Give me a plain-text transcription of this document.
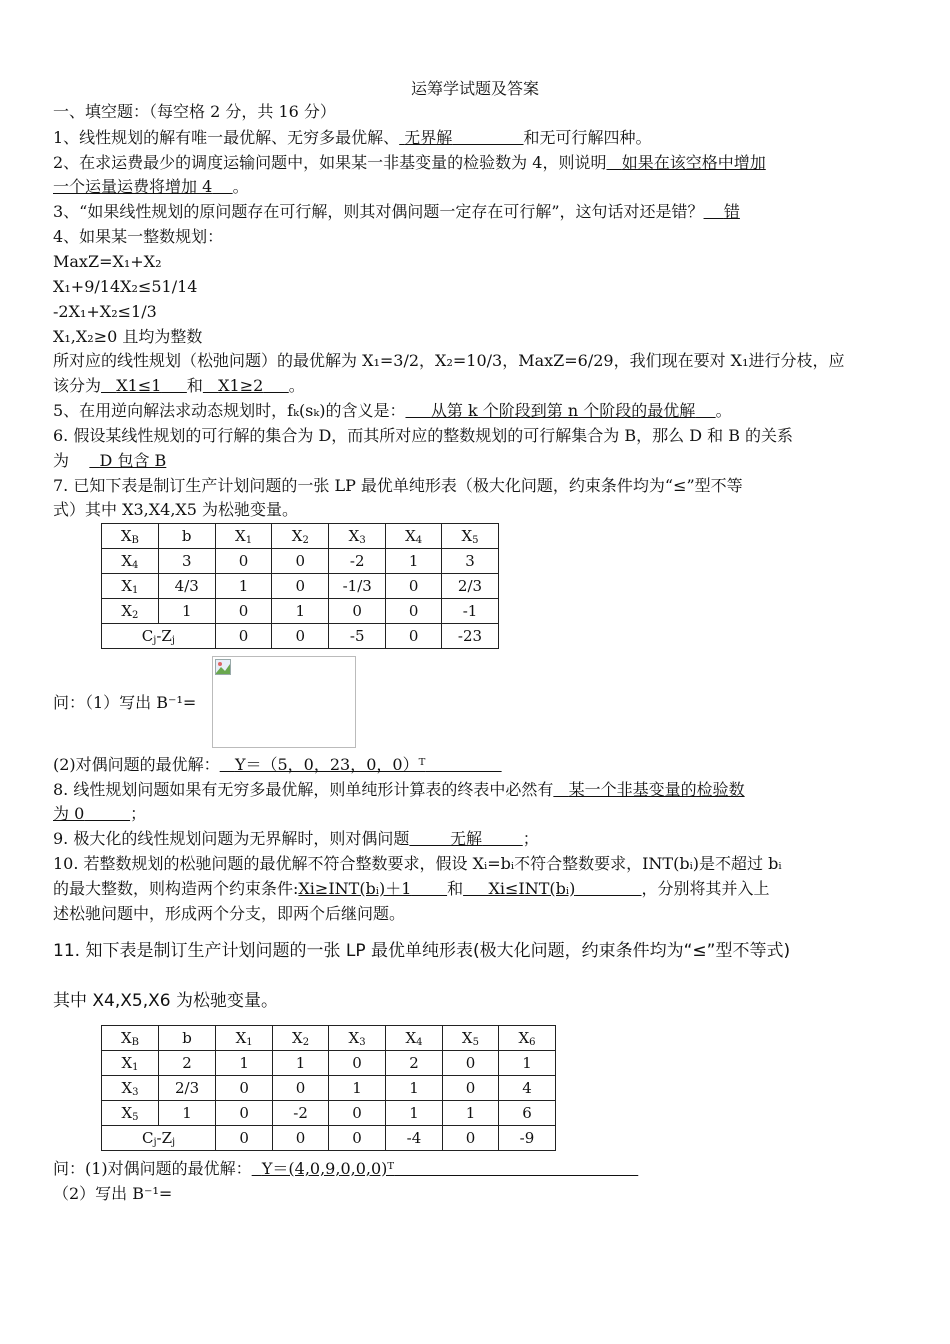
运筹学试题及答案
一、填空题：（每空格 2 分，共 16 分）
1、线性规划的解有唯一最优解、无穷多最优解、 无界解	和无可行解四种。
2、在求运费最少的调度运输问题中，如果某一非基变量的检验数为 4，则说明 如果在该空格中增加
一个运量运费将增加 4 。
3、“如果线性规划的原问题存在可行解，则其对偶问题一定存在可行解”，这句话对还是错？ 错
4、如果某一整数规划：
MaxZ=X₁+X₂
X₁+9/14X₂≤51/14
-2X₁+X₂≤1/3
X₁,X₂≥0 且均为整数
所对应的线性规划（松弛问题）的最优解为 X₁=3/2，X₂=10/3，MaxZ=6/29，我们现在要对 X₁进行分枝，应
该分为 X1≤1 和 X1≥2 。
5、在用逆向解法求动态规划时，fₖ(sₖ)的含义是： 从第 k 个阶段到第 n 个阶段的最优解 。
6. 假设某线性规划的可行解的集合为 D，而其所对应的整数规划的可行解集合为 B，那么 D 和 B 的关系
为 D 包含 B
7. 已知下表是制订生产计划问题的一张 LP 最优单纯形表（极大化问题，约束条件均为“≤”型不等
式）其中 X3,X4,X5 为松驰变量。
$X_B$	b	$X_1$	$X_2$	$X_3$	$X_4$	$X_5$
$X_4$	3	0	0	-2	1	3
$X_1$	4/3	1	0	-1/3	0	2/3
$X_2$	1	0	1	0	0	-1
$C_j-Z_j$		0	0	-5	0	-23
问：（1）写出 B⁻¹=
(2)对偶问题的最优解： Y＝（5，0，23，0，0）ᵀ
8. 线性规划问题如果有无穷多最优解，则单纯形计算表的终表中必然有 某一个非基变量的检验数
为 0	；
9. 极大化的线性规划问题为无界解时，则对偶问题	无解	；
10. 若整数规划的松驰问题的最优解不符合整数要求，假设 Xᵢ=bᵢ不符合整数要求，INT(bᵢ)是不超过 bᵢ
的最大整数，则构造两个约束条件:Xi≥INT(bᵢ)＋1 和 Xi≤INT(bᵢ)	，分别将其并入上
述松驰问题中，形成两个分支，即两个后继问题。
11. 知下表是制订生产计划问题的一张 LP 最优单纯形表(极大化问题，约束条件均为“≤”型不等式)
其中 X4,X5,X6 为松驰变量。
$X_B$	b	$X_1$	$X_2$	$X_3$	$X_4$	$X_5$	$X_6$
$X_1$	2	1	1	0	2	0	1
$X_3$	2/3	0	0	1	1	0	4
$X_5$	1	0	-2	0	1	1	6
$C_j-Z_j$		0	0	0	-4	0	-9
问：(1)对偶问题的最优解： Y＝(4,0,9,0,0,0)ᵀ
（2）写出 B⁻¹=
